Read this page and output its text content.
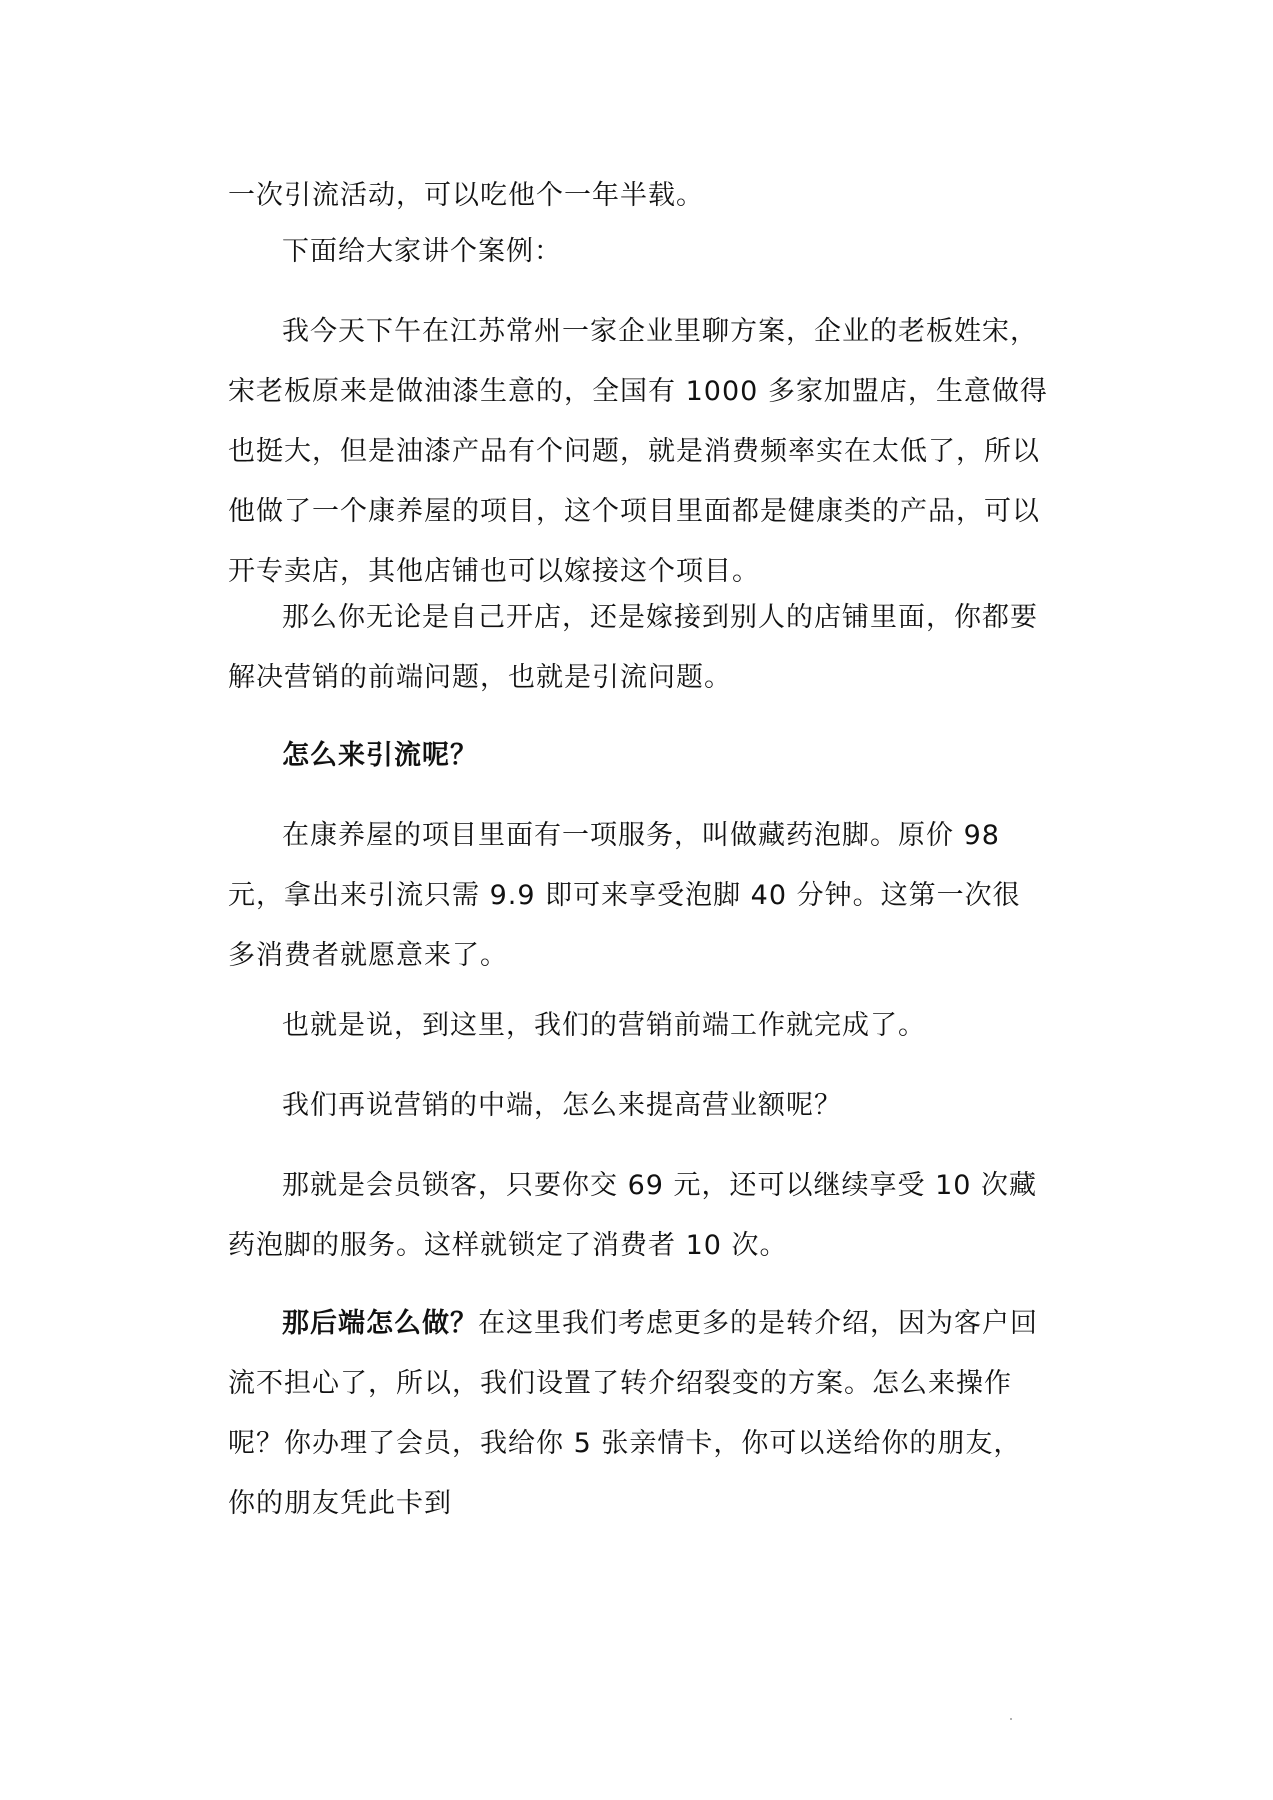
一次引流活动，可以吃他个一年半载。
下面给大家讲个案例：
我今天下午在江苏常州一家企业里聊方案，企业的老板姓宋，宋老板原来是做油漆生意的，全国有 1000 多家加盟店，生意做得也挺大，但是油漆产品有个问题，就是消费频率实在太低了，所以他做了一个康养屋的项目，这个项目里面都是健康类的产品，可以开专卖店，其他店铺也可以嫁接这个项目。
那么你无论是自己开店，还是嫁接到别人的店铺里面，你都要解决营销的前端问题，也就是引流问题。
怎么来引流呢？
在康养屋的项目里面有一项服务，叫做藏药泡脚。原价 98 元，拿出来引流只需 9.9 即可来享受泡脚 40 分钟。这第一次很多消费者就愿意来了。
也就是说，到这里，我们的营销前端工作就完成了。
我们再说营销的中端，怎么来提高营业额呢？
那就是会员锁客，只要你交 69 元，还可以继续享受 10 次藏药泡脚的服务。这样就锁定了消费者 10 次。
那后端怎么做？在这里我们考虑更多的是转介绍，因为客户回流不担心了，所以，我们设置了转介绍裂变的方案。怎么来操作呢？你办理了会员，我给你 5 张亲情卡，你可以送给你的朋友，你的朋友凭此卡到
